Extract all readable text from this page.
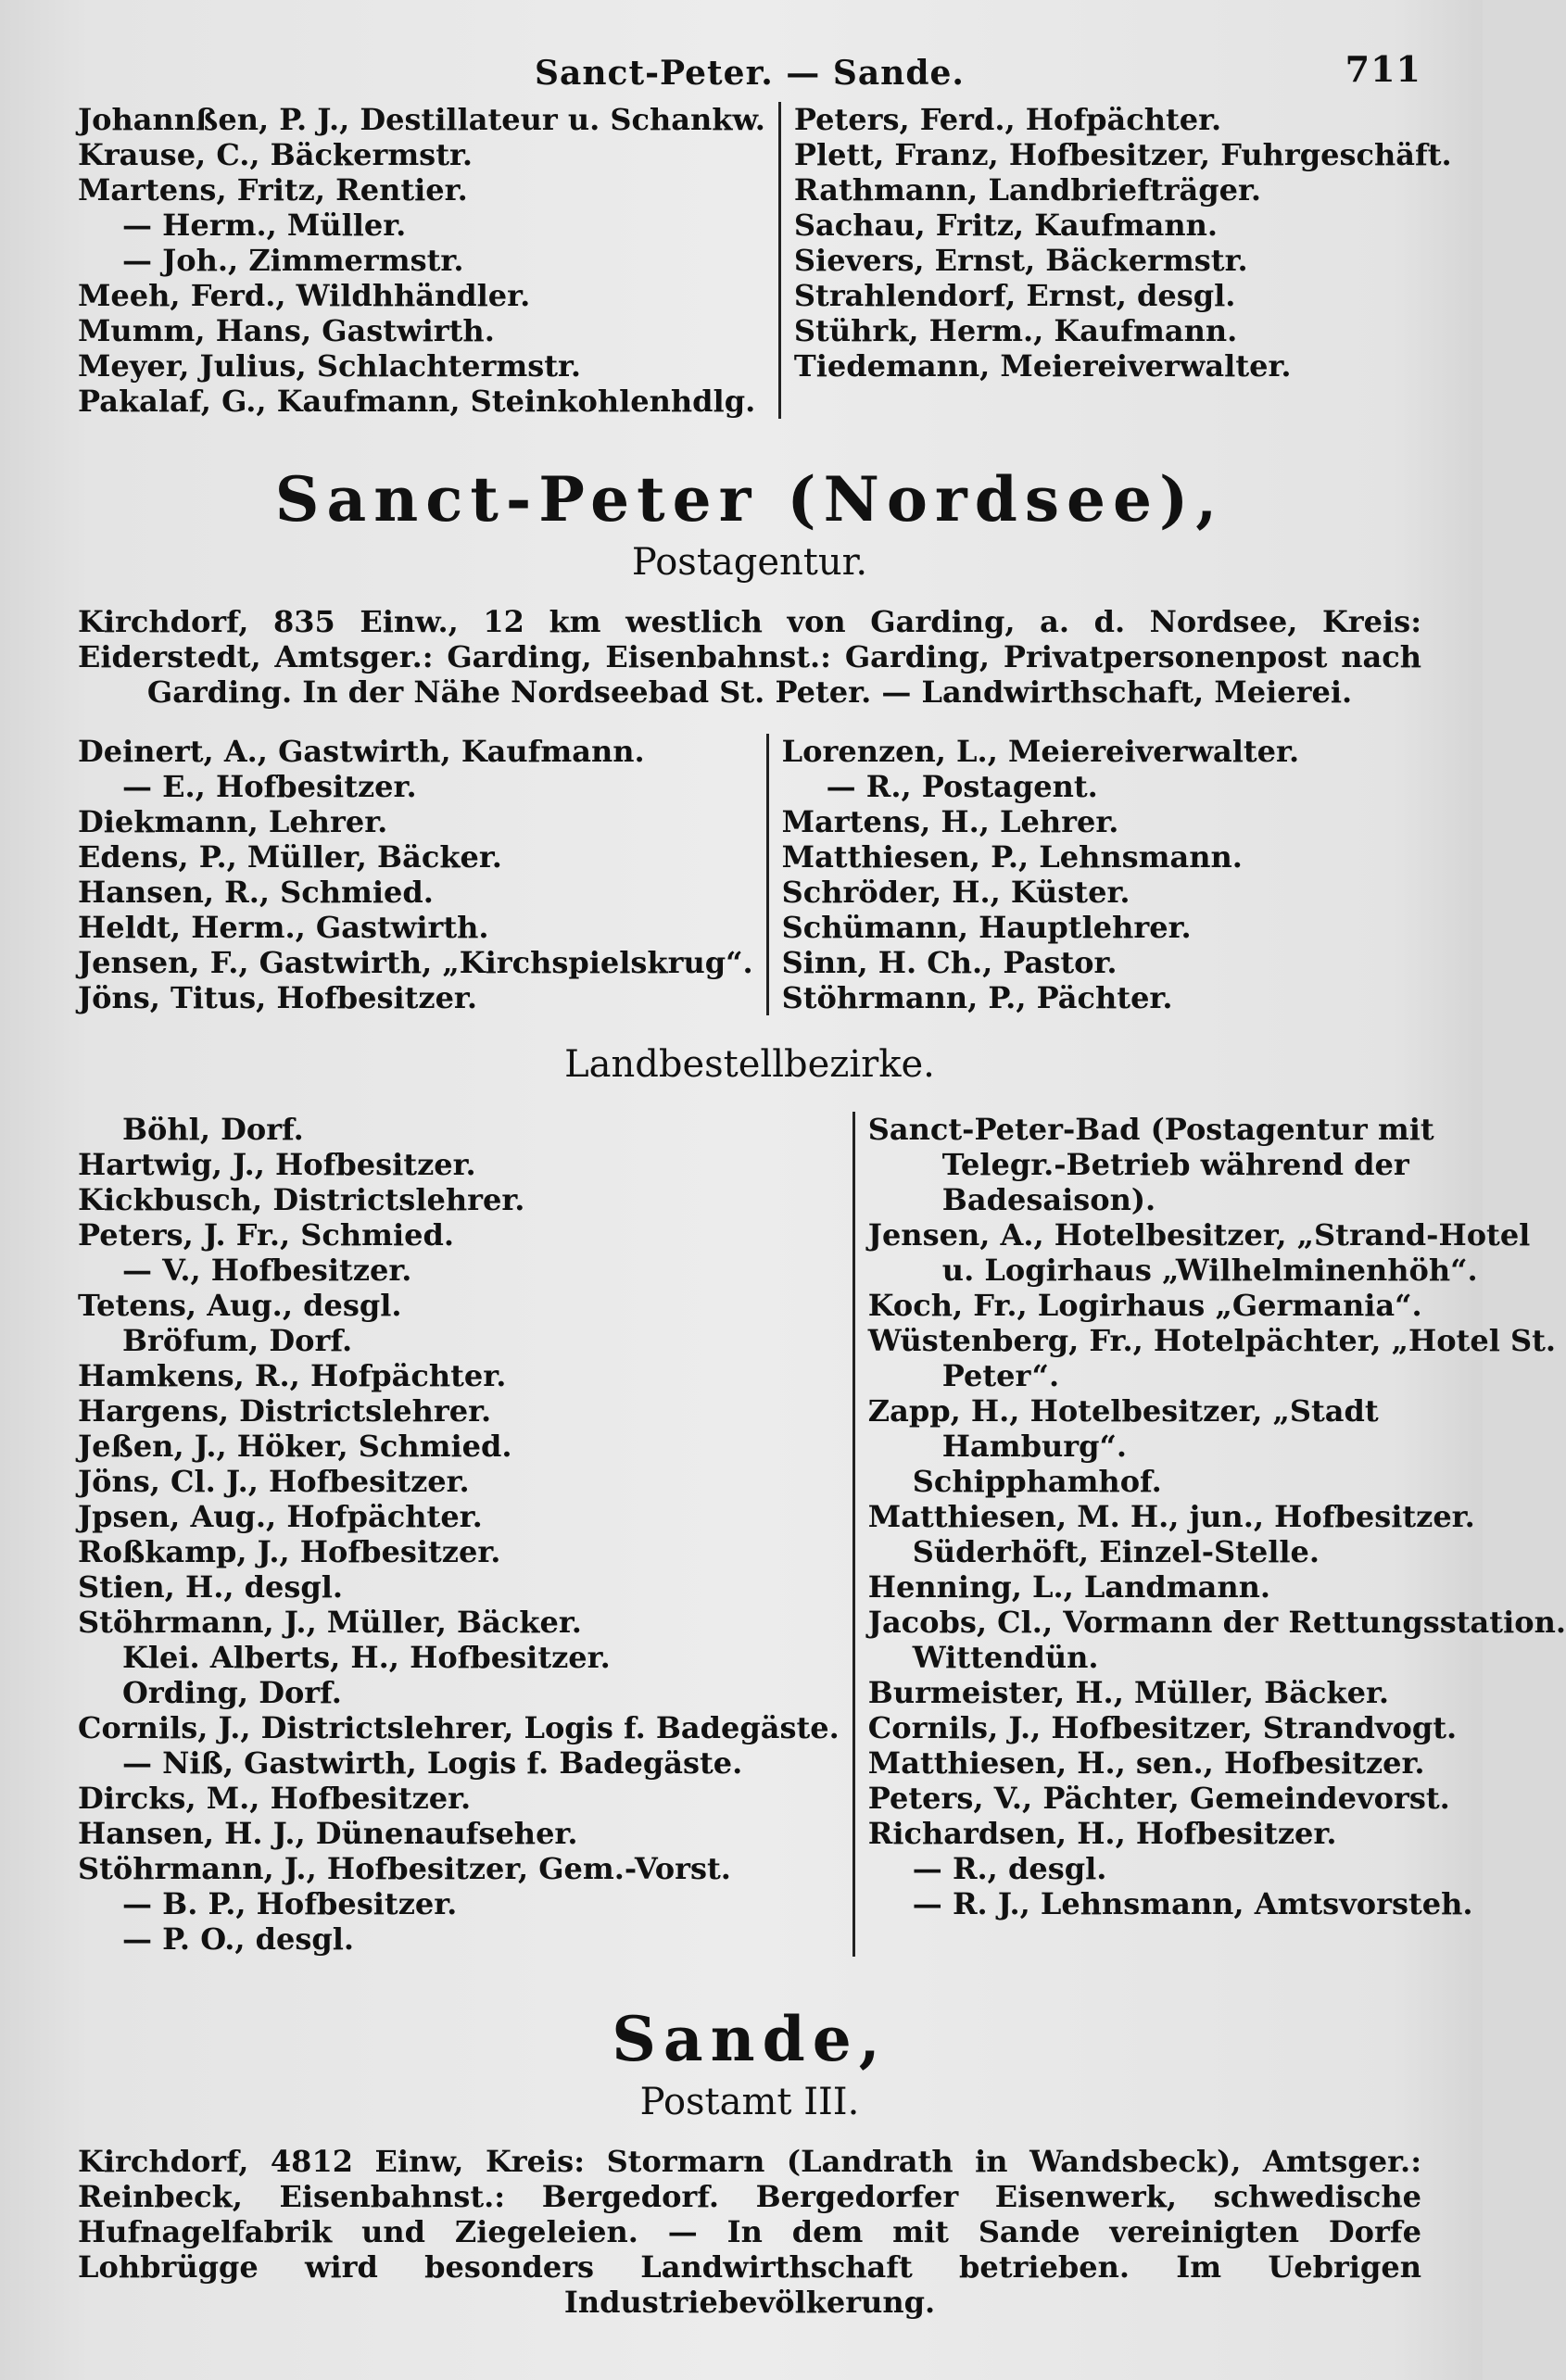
Sanct-Peter. — Sande.	711
Johannßen, P. J., Destillateur u. Schankw.
Krause, C., Bäckermstr.
Martens, Fritz, Rentier.
— Herm., Müller.
— Joh., Zimmermstr.
Meeh, Ferd., Wildhhändler.
Mumm, Hans, Gastwirth.
Meyer, Julius, Schlachtermstr.
Pakalaf, G., Kaufmann, Steinkohlenhdlg.
Peters, Ferd., Hofpächter.
Plett, Franz, Hofbesitzer, Fuhrgeschäft.
Rathmann, Landbriefträger.
Sachau, Fritz, Kaufmann.
Sievers, Ernst, Bäckermstr.
Strahlendorf, Ernst, desgl.
Stührk, Herm., Kaufmann.
Tiedemann, Meiereiverwalter.
Sanct-Peter (Nordsee),
Postagentur.
Kirchdorf, 835 Einw., 12 km westlich von Garding, a. d. Nordsee, Kreis: Eiderstedt, Amtsger.: Garding, Eisenbahnst.: Garding, Privatpersonenpost nach Garding. In der Nähe Nordseebad St. Peter. — Landwirthschaft, Meierei.
Deinert, A., Gastwirth, Kaufmann.
— E., Hofbesitzer.
Diekmann, Lehrer.
Edens, P., Müller, Bäcker.
Hansen, R., Schmied.
Heldt, Herm., Gastwirth.
Jensen, F., Gastwirth, „Kirchspielskrug“.
Jöns, Titus, Hofbesitzer.
Lorenzen, L., Meiereiverwalter.
— R., Postagent.
Martens, H., Lehrer.
Matthiesen, P., Lehnsmann.
Schröder, H., Küster.
Schümann, Hauptlehrer.
Sinn, H. Ch., Pastor.
Stöhrmann, P., Pächter.
Landbestellbezirke.
Böhl, Dorf.
Hartwig, J., Hofbesitzer.
Kickbusch, Districtslehrer.
Peters, J. Fr., Schmied.
— V., Hofbesitzer.
Tetens, Aug., desgl.
Bröfum, Dorf.
Hamkens, R., Hofpächter.
Hargens, Districtslehrer.
Jeßen, J., Höker, Schmied.
Jöns, Cl. J., Hofbesitzer.
Jpsen, Aug., Hofpächter.
Roßkamp, J., Hofbesitzer.
Stien, H., desgl.
Stöhrmann, J., Müller, Bäcker.
Klei. Alberts, H., Hofbesitzer.
Ording, Dorf.
Cornils, J., Districtslehrer, Logis f. Badegäste.
— Niß, Gastwirth, Logis f. Badegäste.
Dircks, M., Hofbesitzer.
Hansen, H. J., Dünenaufseher.
Stöhrmann, J., Hofbesitzer, Gem.-Vorst.
— B. P., Hofbesitzer.
— P. O., desgl.
Sanct-Peter-Bad (Postagentur mit Telegr.-Betrieb während der Badesaison).
Jensen, A., Hotelbesitzer, „Strand-Hotel u. Logirhaus „Wilhelminenhöh“.
Koch, Fr., Logirhaus „Germania“.
Wüstenberg, Fr., Hotelpächter, „Hotel St. Peter“.
Zapp, H., Hotelbesitzer, „Stadt Hamburg“.
Schipphamhof.
Matthiesen, M. H., jun., Hofbesitzer.
Süderhöft, Einzel-Stelle.
Henning, L., Landmann.
Jacobs, Cl., Vormann der Rettungsstation.
Wittendün.
Burmeister, H., Müller, Bäcker.
Cornils, J., Hofbesitzer, Strandvogt.
Matthiesen, H., sen., Hofbesitzer.
Peters, V., Pächter, Gemeindevorst.
Richardsen, H., Hofbesitzer.
— R., desgl.
— R. J., Lehnsmann, Amtsvorsteh.
Sande,
Postamt III.
Kirchdorf, 4812 Einw, Kreis: Stormarn (Landrath in Wandsbeck), Amtsger.: Reinbeck, Eisenbahnst.: Bergedorf. Bergedorfer Eisenwerk, schwedische Hufnagelfabrik und Ziegeleien. — In dem mit Sande vereinigten Dorfe Lohbrügge wird besonders Landwirthschaft betrieben. Im Uebrigen Industriebevölkerung.
